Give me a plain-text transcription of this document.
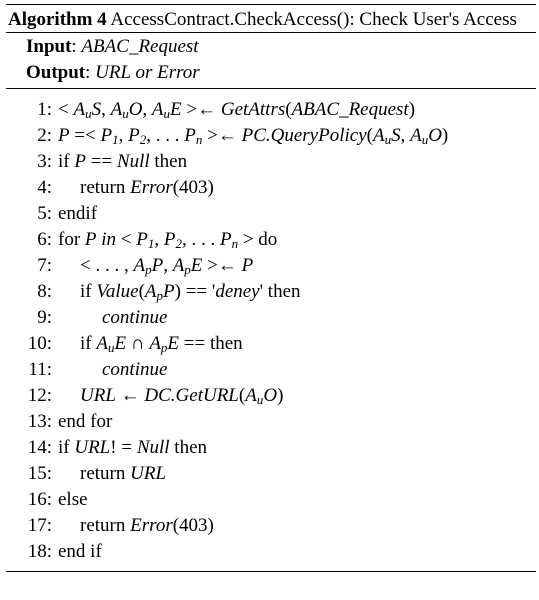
Algorithm 4 AccessContract.CheckAccess(): Check User's Access
Input: ABAC_Request
Output: URL or Error
1: < $A_uS$, $A_uO$, $A_uE$ >← GetAttrs(ABAC_Request)
2: $P =< P_1$, $P_2$, . . . $P_n$ >← $PC.QueryPolicy(A_uS$, $A_uO$)
3: if P == Null then
4:	return Error(403)
5: endif
6: for P in < $P_1$, $P_2$, . . . $P_n$ > do
7:	< . . . , $A_pP$, $A_pE$ >← P
8:	if $Value(A_pP)$ == 'deney' then
9:	continue
10:	if $A_uE$ ∩ $A_pE$ == then
11:	continue
12:	URL ← $DC.GetURL(A_uO)$
13: end for
14: if URL! = Null then
15:	return URL
16: else
17:	return Error(403)
18: end if
